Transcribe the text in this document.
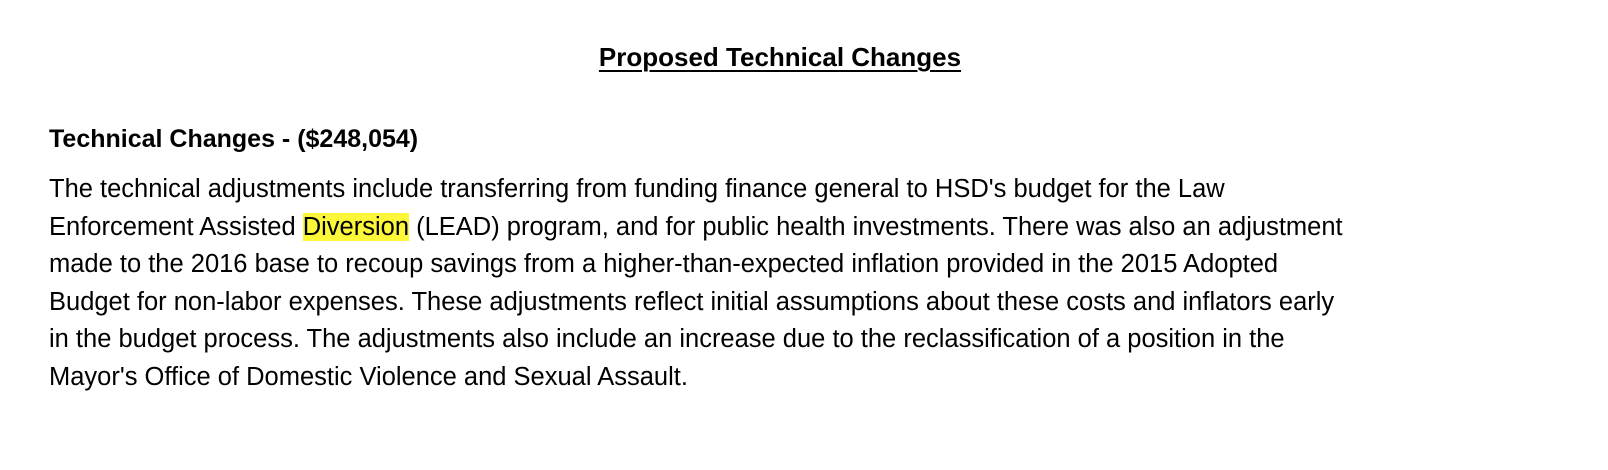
Proposed Technical Changes
Technical Changes - ($248,054)
The technical adjustments include transferring from funding finance general to HSD's budget for the Law
Enforcement Assisted Diversion (LEAD) program, and for public health investments. There was also an adjustment
made to the 2016 base to recoup savings from a higher-than-expected inflation provided in the 2015 Adopted
Budget for non-labor expenses. These adjustments reflect initial assumptions about these costs and inflators early
in the budget process. The adjustments also include an increase due to the reclassification of a position in the
Mayor's Office of Domestic Violence and Sexual Assault.
